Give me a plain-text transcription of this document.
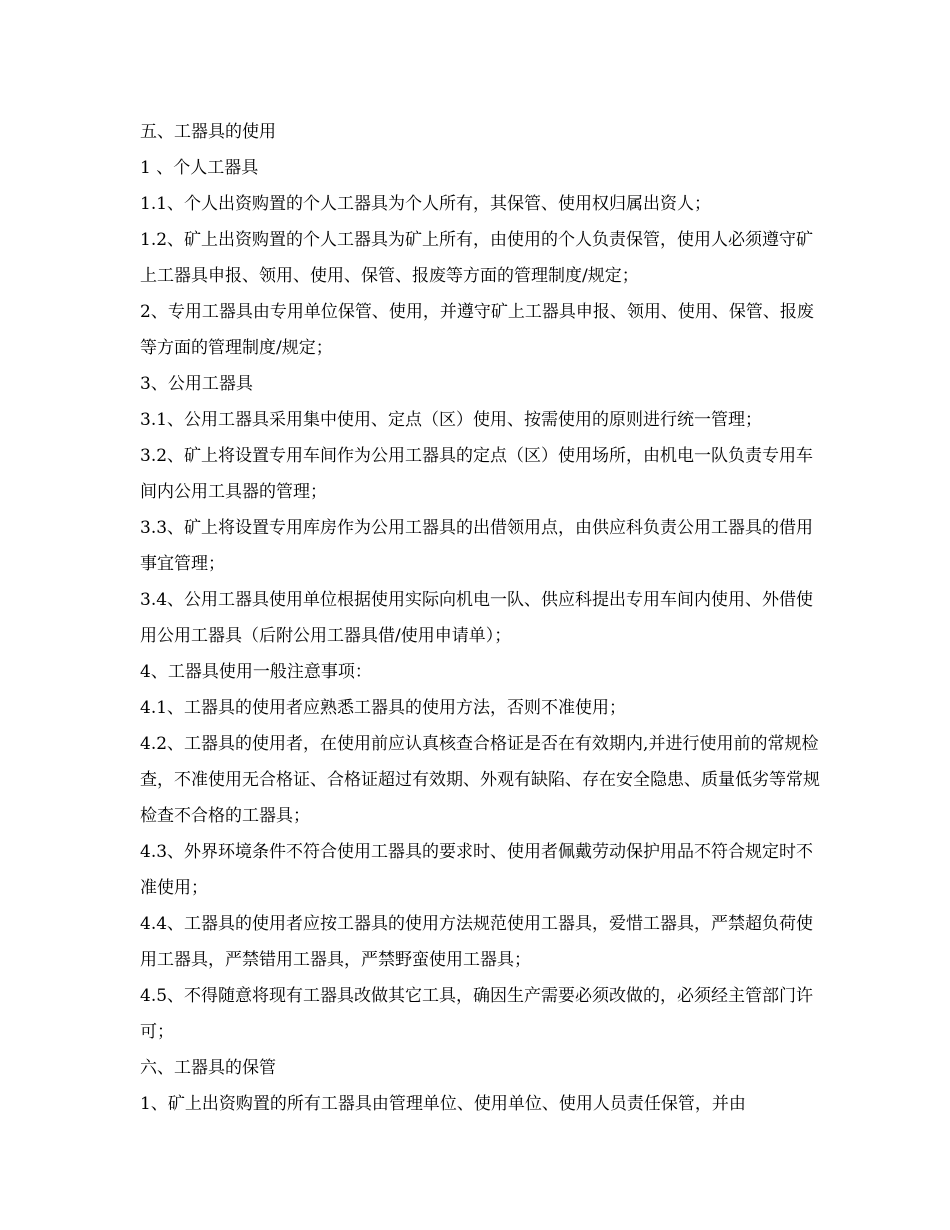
五、工器具的使用

1 、个人工器具

1.1、个人出资购置的个人工器具为个人所有，其保管、使用权归属出资人；

1.2、矿上出资购置的个人工器具为矿上所有，由使用的个人负责保管，使用人必须遵守矿上工器具申报、领用、使用、保管、报废等方面的管理制度/规定；

2、专用工器具由专用单位保管、使用，并遵守矿上工器具申报、领用、使用、保管、报废等方面的管理制度/规定；

3、公用工器具

3.1、公用工器具采用集中使用、定点（区）使用、按需使用的原则进行统一管理；

3.2、矿上将设置专用车间作为公用工器具的定点（区）使用场所，由机电一队负责专用车间内公用工具器的管理；

3.3、矿上将设置专用库房作为公用工器具的出借领用点，由供应科负责公用工器具的借用事宜管理；

3.4、公用工器具使用单位根据使用实际向机电一队、供应科提出专用车间内使用、外借使用公用工器具（后附公用工器具借/使用申请单）；

4、工器具使用一般注意事项：

4.1、工器具的使用者应熟悉工器具的使用方法，否则不准使用；

4.2、工器具的使用者，在使用前应认真核查合格证是否在有效期内,并进行使用前的常规检查，不准使用无合格证、合格证超过有效期、外观有缺陷、存在安全隐患、质量低劣等常规检查不合格的工器具；

4.3、外界环境条件不符合使用工器具的要求时、使用者佩戴劳动保护用品不符合规定时不准使用；

4.4、工器具的使用者应按工器具的使用方法规范使用工器具，爱惜工器具，严禁超负荷使用工器具，严禁错用工器具，严禁野蛮使用工器具；

4.5、不得随意将现有工器具改做其它工具，确因生产需要必须改做的，必须经主管部门许可；

六、工器具的保管

1、矿上出资购置的所有工器具由管理单位、使用单位、使用人员责任保管，并由
